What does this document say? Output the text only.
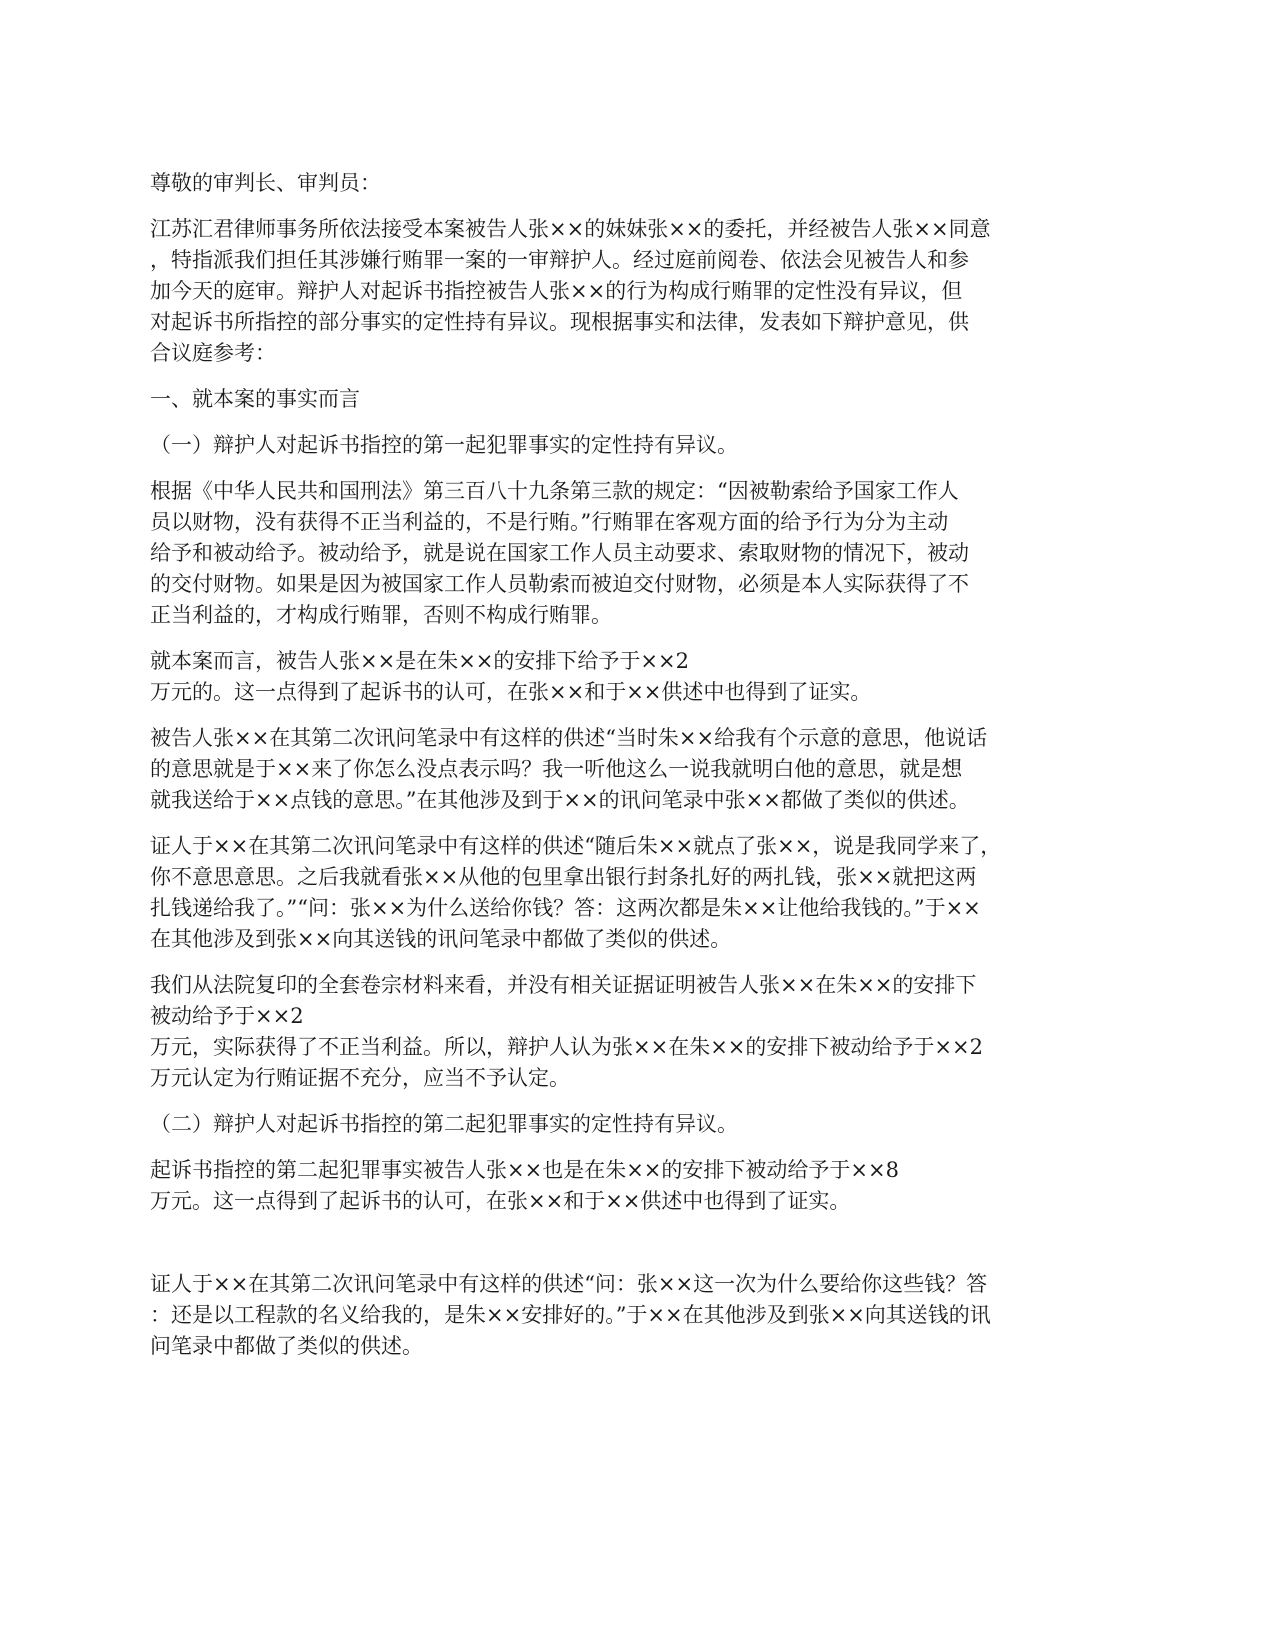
尊敬的审判长、审判员：

江苏汇君律师事务所依法接受本案被告人张××的妹妹张××的委托，并经被告人张××同意
，特指派我们担任其涉嫌行贿罪一案的一审辩护人。经过庭前阅卷、依法会见被告人和参
加今天的庭审。辩护人对起诉书指控被告人张××的行为构成行贿罪的定性没有异议，但
对起诉书所指控的部分事实的定性持有异议。现根据事实和法律，发表如下辩护意见，供
合议庭参考：

一、就本案的事实而言

（一）辩护人对起诉书指控的第一起犯罪事实的定性持有异议。

根据《中华人民共和国刑法》第三百八十九条第三款的规定：“因被勒索给予国家工作人
员以财物，没有获得不正当利益的，不是行贿。”行贿罪在客观方面的给予行为分为主动
给予和被动给予。被动给予，就是说在国家工作人员主动要求、索取财物的情况下，被动
的交付财物。如果是因为被国家工作人员勒索而被迫交付财物，必须是本人实际获得了不
正当利益的，才构成行贿罪，否则不构成行贿罪。

就本案而言，被告人张××是在朱××的安排下给予于××2
万元的。这一点得到了起诉书的认可，在张××和于××供述中也得到了证实。

被告人张××在其第二次讯问笔录中有这样的供述“当时朱××给我有个示意的意思，他说话
的意思就是于××来了你怎么没点表示吗？我一听他这么一说我就明白他的意思，就是想
就我送给于××点钱的意思。”在其他涉及到于××的讯问笔录中张××都做了类似的供述。

证人于××在其第二次讯问笔录中有这样的供述“随后朱××就点了张××，说是我同学来了，
你不意思意思。之后我就看张××从他的包里拿出银行封条扎好的两扎钱，张××就把这两
扎钱递给我了。”“问：张××为什么送给你钱？答：这两次都是朱××让他给我钱的。”于××
在其他涉及到张××向其送钱的讯问笔录中都做了类似的供述。

我们从法院复印的全套卷宗材料来看，并没有相关证据证明被告人张××在朱××的安排下
被动给予于××2
万元，实际获得了不正当利益。所以，辩护人认为张××在朱××的安排下被动给予于××2
万元认定为行贿证据不充分，应当不予认定。

（二）辩护人对起诉书指控的第二起犯罪事实的定性持有异议。

起诉书指控的第二起犯罪事实被告人张××也是在朱××的安排下被动给予于××8
万元。这一点得到了起诉书的认可，在张××和于××供述中也得到了证实。

证人于××在其第二次讯问笔录中有这样的供述“问：张××这一次为什么要给你这些钱？答
：还是以工程款的名义给我的，是朱××安排好的。”于××在其他涉及到张××向其送钱的讯
问笔录中都做了类似的供述。
